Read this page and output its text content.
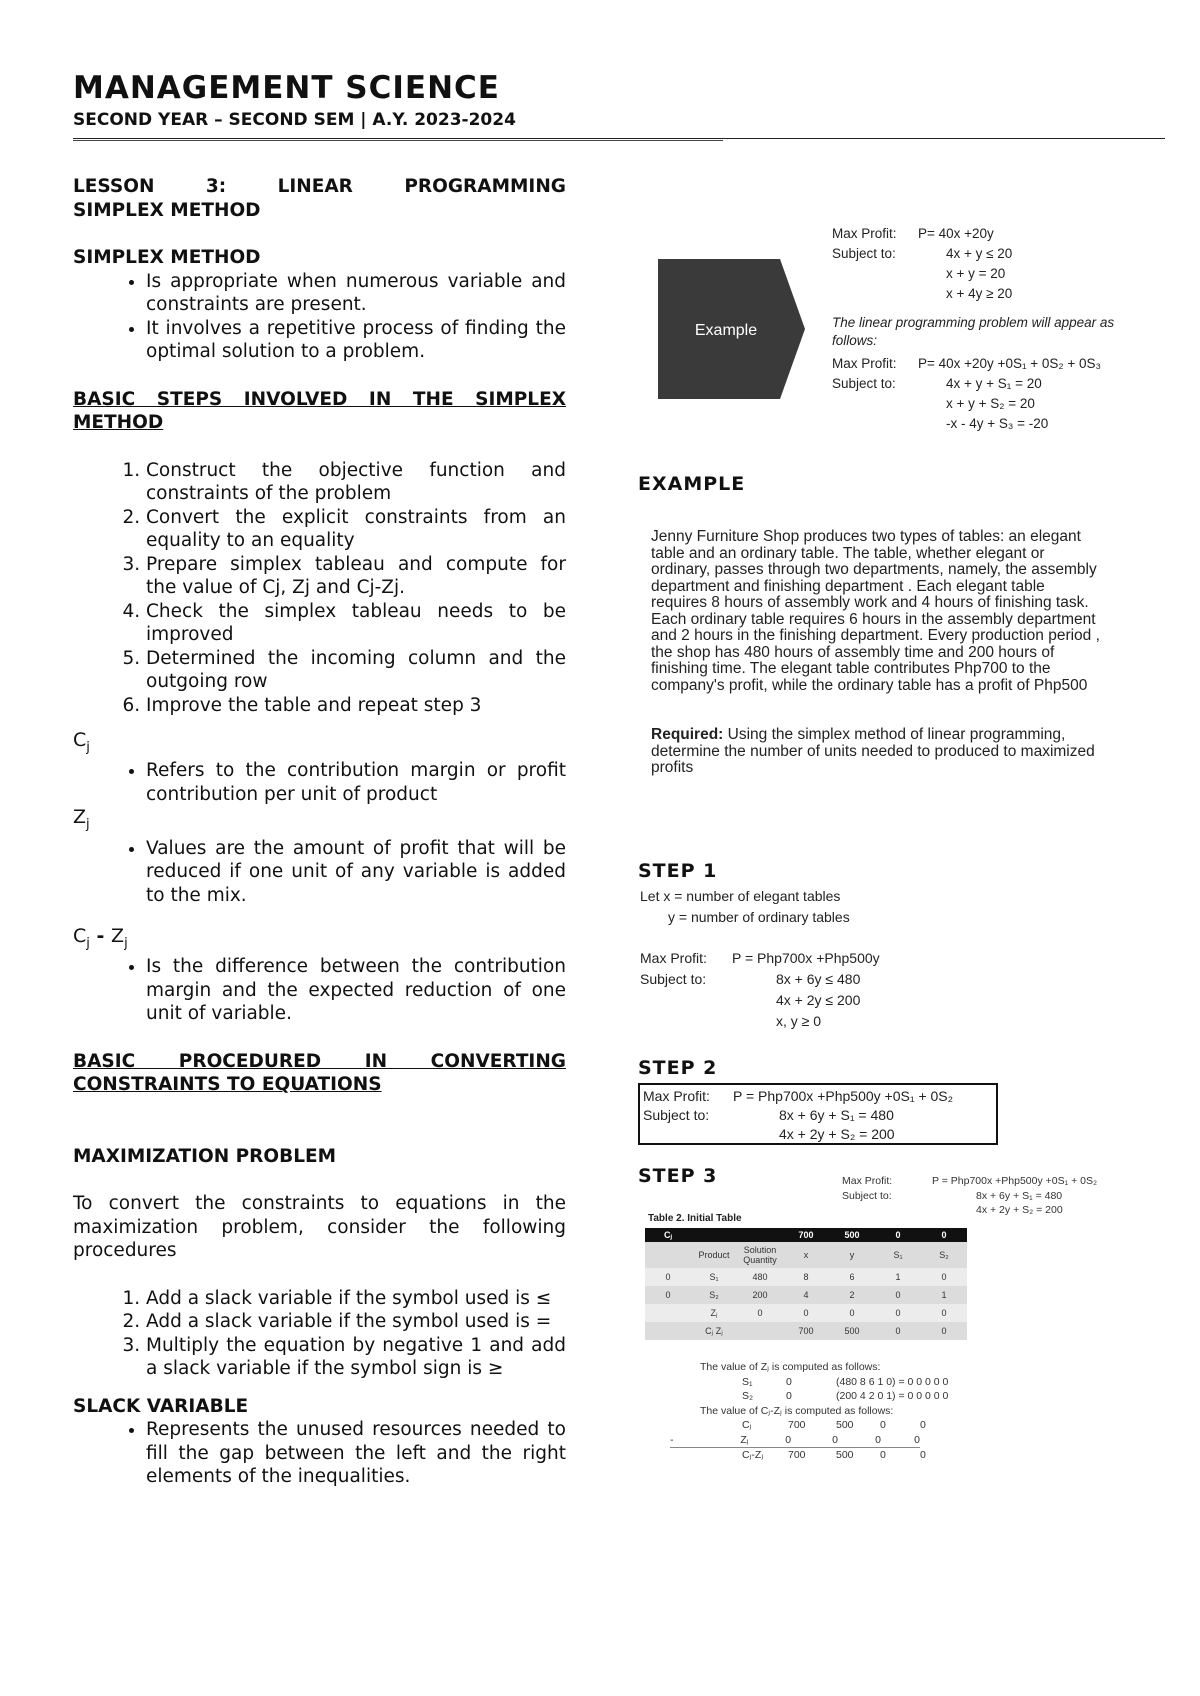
MANAGEMENT SCIENCE
SECOND YEAR – SECOND SEM | A.Y. 2023-2024

LESSON 3: LINEAR PROGRAMMING

SIMPLEX METHOD

SIMPLEX METHOD

• Is appropriate when numerous variable and constraints are present.
• It involves a repetitive process of finding the optimal solution to a problem.

BASIC STEPS INVOLVED IN THE SIMPLEX METHOD

1. Construct the objective function and constraints of the problem
2. Convert the explicit constraints from an equality to an equality
3. Prepare simplex tableau and compute for the value of Cj, Zj and Cj-Zj.
4. Check the simplex tableau needs to be improved
5. Determined the incoming column and the outgoing row
6. Improve the table and repeat step 3

$C_j$

• Refers to the contribution margin or profit contribution per unit of product

$Z_j$

• Values are the amount of profit that will be reduced if one unit of any variable is added to the mix.

$C_j - Z_j$

• Is the difference between the contribution margin and the expected reduction of one unit of variable.

BASIC PROCEDURED IN CONVERTING CONSTRAINTS TO EQUATIONS

MAXIMIZATION PROBLEM

To convert the constraints to equations in the maximization problem, consider the following procedures

1. Add a slack variable if the symbol used is ≤
2. Add a slack variable if the symbol used is =
3. Multiply the equation by negative 1 and add a slack variable if the symbol sign is ≥

SLACK VARIABLE

• Represents the unused resources needed to fill the gap between the left and the right elements of the inequalities.
Example
Max Profit: P= 40x +20y
Subject to:	4x + y ≤ 20
x + y = 20
x + 4y ≥ 20
The linear programming problem will appear as follows:
Max Profit: P= 40x +20y +0S₁ + 0S₂ + 0S₃
Subject to:	4x + y + S₁ = 20
x + y + S₂ = 20
-x - 4y + S₃ = -20
EXAMPLE
Jenny Furniture Shop produces two types of tables: an elegant table and an ordinary table. The table, whether elegant or ordinary, passes through two departments, namely, the assembly department and finishing department . Each elegant table requires 8 hours of assembly work and 4 hours of finishing task. Each ordinary table requires 6 hours in the assembly department and 2 hours in the finishing department. Every production period , the shop has 480 hours of assembly time and 200 hours of finishing time. The elegant table contributes Php700 to the company's profit, while the ordinary table has a profit of Php500
Required: Using the simplex method of linear programming, determine the number of units needed to produced to maximized profits
STEP 1
Let x = number of elegant tables
y = number of ordinary tables
Max Profit: P = Php700x +Php500y
Subject to:	8x + 6y ≤ 480
4x + 2y ≤ 200
x, y ≥ 0
STEP 2
Max Profit: P = Php700x +Php500y +0S₁ + 0S₂
Subject to:	8x + 6y + S₁ = 480
4x + 2y + S₂ = 200
STEP 3	Max Profit:	P = Php700x +Php500y +0S₁ + 0S₂
Subject to:	8x + 6y + S₁ = 480
4x + 2y + S₂ = 200
Table 2. Initial Table
Cⱼ			700	500	0	0
	Product	Solution Quantity	x	y	S₁	S₂
0	S₁	480	8	6	1	0
0	S₂	200	4	2	0	1
	Zⱼ	0	0	0	0	0
	Cⱼ Zⱼ		700	500	0	0
The value of Zⱼ is computed as follows:
S₁	0	(480 8 6 1 0) = 0 0 0 0 0
S₂	0	(200 4 2 0 1) = 0 0 0 0 0
The value of Cⱼ-Zⱼ is computed as follows:
Cⱼ	700	500	0	0
-	Zⱼ	0	0	0	0
Cⱼ-Zⱼ	700	500	0	0
